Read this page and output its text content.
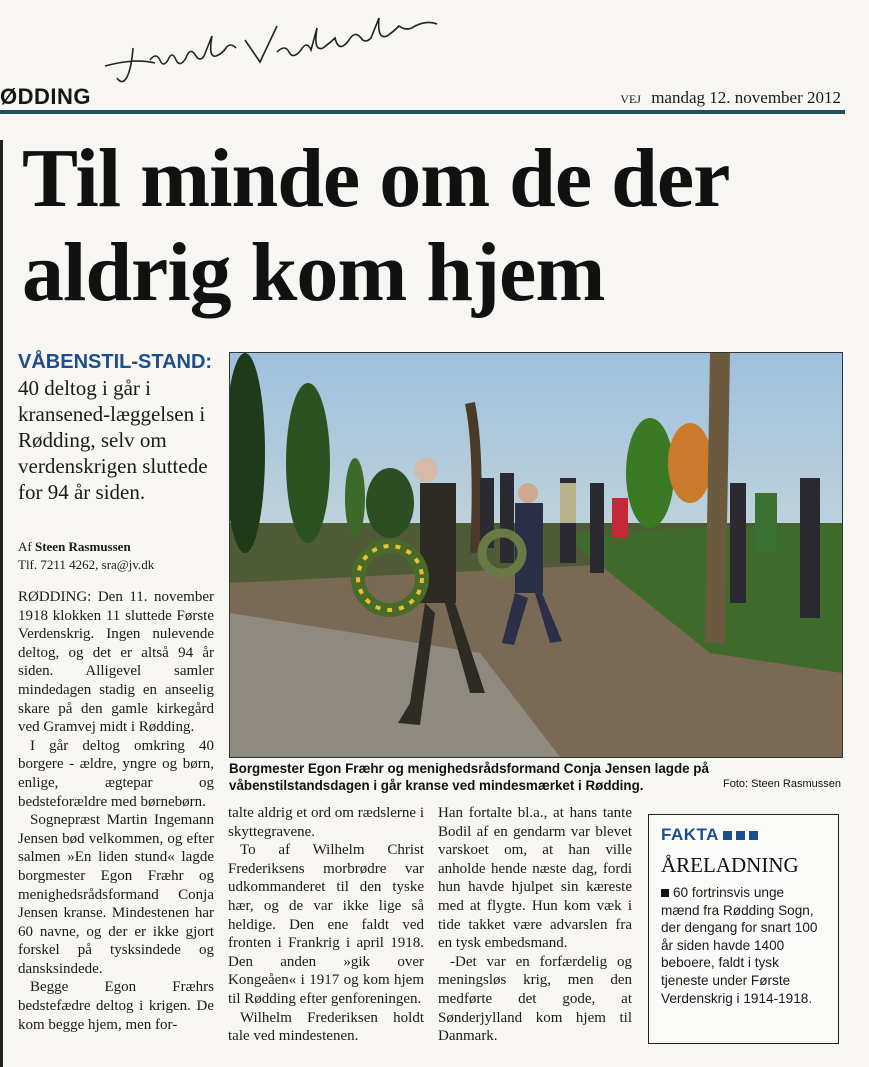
ØDDING	VEJ mandag 12. november 2012
Til minde om de der aldrig kom hjem
VÅBENSTIL-STAND: 40 deltog i går i kransened-læggelsen i Rødding, selv om verdenskrigen sluttede for 94 år siden.
Af Steen Rasmussen
Tlf. 7211 4262, sra@jv.dk

RØDDING: Den 11. november 1918 klokken 11 sluttede Første Verdenskrig. Ingen nulevende deltog, og det er altså 94 år siden. Alligevel samler mindedagen stadig en anseelig skare på den gamle kirkegård ved Gramvej midt i Rødding.

I går deltog omkring 40 borgere - ældre, yngre og børn, enlige, ægtepar og bedsteforældre med børnebørn.

Sognepræst Martin Ingemann Jensen bød velkommen, og efter salmen »En liden stund« lagde borgmester Egon Fræhr og menighedsrådsformand Conja Jensen kranse. Mindestenen har 60 navne, og der er ikke gjort forskel på tysksindede og dansksindede.

Begge Egon Fræhrs bedstefædre deltog i krigen. De kom begge hjem, men for-

Borgmester Egon Fræhr og menighedsrådsformand Conja Jensen lagde på våbenstilstandsdagen i går kranse ved mindesmærket i Rødding.	Foto: Steen Rasmussen

talte aldrig et ord om rædslerne i skyttegravene.

To af Wilhelm Christ Frederiksens morbrødre var udkommanderet til den tyske hær, og de var ikke lige så heldige. Den ene faldt ved fronten i Frankrig i april 1918. Den anden »gik over Kongeåen« i 1917 og kom hjem til Rødding efter genforeningen.

Wilhelm Frederiksen holdt tale ved mindestenen.

Han fortalte bl.a., at hans tante Bodil af en gendarm var blevet varskoet om, at han ville anholde hende næste dag, fordi hun havde hjulpet sin kæreste med at flygte. Hun kom væk i tide takket være advarslen fra en tysk embedsmand.

-Det var en forfærdelig og meningsløs krig, men den medførte det gode, at Sønderjylland kom hjem til Danmark.

FAKTA
ÅRELADNING
60 fortrinsvis unge mænd fra Rødding Sogn, der dengang for snart 100 år siden havde 1400 beboere, faldt i tysk tjeneste under Første Verdenskrig i 1914-1918.
